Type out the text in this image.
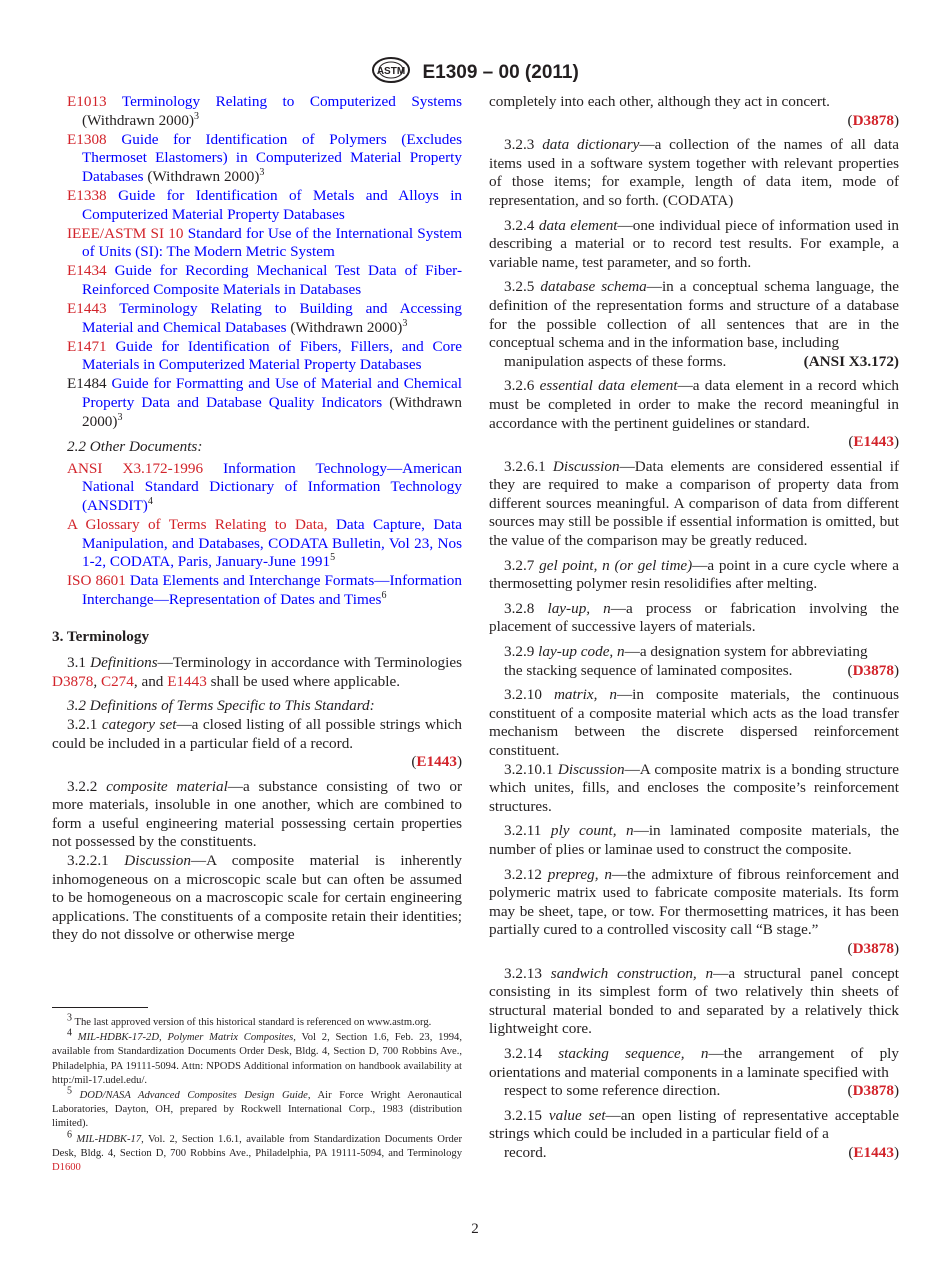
ASTM E1309 – 00 (2011)
E1013 Terminology Relating to Computerized Systems (Withdrawn 2000)$^3$
E1308 Guide for Identification of Polymers (Excludes Thermoset Elastomers) in Computerized Material Property Databases (Withdrawn 2000)$^3$
E1338 Guide for Identification of Metals and Alloys in Computerized Material Property Databases
IEEE/ASTM SI 10 Standard for Use of the International System of Units (SI): The Modern Metric System
E1434 Guide for Recording Mechanical Test Data of Fiber-Reinforced Composite Materials in Databases
E1443 Terminology Relating to Building and Accessing Material and Chemical Databases (Withdrawn 2000)$^3$
E1471 Guide for Identification of Fibers, Fillers, and Core Materials in Computerized Material Property Databases
E1484 Guide for Formatting and Use of Material and Chemical Property Data and Database Quality Indicators (Withdrawn 2000)$^3$
2.2 Other Documents:
ANSI X3.172-1996 Information Technology—American National Standard Dictionary of Information Technology (ANSDIT)$^4$
A Glossary of Terms Relating to Data, Data Capture, Data Manipulation, and Databases, CODATA Bulletin, Vol 23, Nos 1-2, CODATA, Paris, January-June 1991$^5$
ISO 8601 Data Elements and Interchange Formats—Information Interchange—Representation of Dates and Times$^6$
3. Terminology
3.1 Definitions—Terminology in accordance with Terminologies D3878, C274, and E1443 shall be used where applicable.
3.2 Definitions of Terms Specific to This Standard:
3.2.1 category set—a closed listing of all possible strings which could be included in a particular field of a record.
(E1443)
3.2.2 composite material—a substance consisting of two or more materials, insoluble in one another, which are combined to form a useful engineering material possessing certain properties not possessed by the constituents.
3.2.2.1 Discussion—A composite material is inherently inhomogeneous on a microscopic scale but can often be assumed to be homogeneous on a macroscopic scale for certain engineering applications. The constituents of a composite retain their identities; they do not dissolve or otherwise merge
$^3$ The last approved version of this historical standard is referenced on www.astm.org.
$^4$ MIL-HDBK-17-2D, Polymer Matrix Composites, Vol 2, Section 1.6, Feb. 23, 1994, available from Standardization Documents Order Desk, Bldg. 4, Section D, 700 Robbins Ave., Philadelphia, PA 19111-5094. Attn: NPODS Additional information on handbook availability at http:/mil-17.udel.edu/.
$^5$ DOD/NASA Advanced Composites Design Guide, Air Force Wright Aeronautical Laboratories, Dayton, OH, prepared by Rockwell International Corp., 1983 (distribution limited).
$^6$ MIL-HDBK-17, Vol. 2, Section 1.6.1, available from Standardization Documents Order Desk, Bldg. 4, Section D, 700 Robbins Ave., Philadelphia, PA 19111-5094, and Terminology D1600
completely into each other, although they act in concert.
(D3878)
3.2.3 data dictionary—a collection of the names of all data items used in a software system together with relevant properties of those items; for example, length of data item, mode of representation, and so forth. (CODATA)
3.2.4 data element—one individual piece of information used in describing a material or to record test results. For example, a variable name, test parameter, and so forth.
3.2.5 database schema—in a conceptual schema language, the definition of the representation forms and structure of a database for the possible collection of all sentences that are in the conceptual schema and in the information base, including
manipulation aspects of these forms.	(ANSI X3.172)
3.2.6 essential data element—a data element in a record which must be completed in order to make the record meaningful in accordance with the pertinent guidelines or standard.
(E1443)
3.2.6.1 Discussion—Data elements are considered essential if they are required to make a comparison of property data from different sources meaningful. A comparison of data from different sources may still be possible if essential information is omitted, but the value of the comparison may be greatly reduced.
3.2.7 gel point, n (or gel time)—a point in a cure cycle where a thermosetting polymer resin resolidifies after melting.
3.2.8 lay-up, n—a process or fabrication involving the placement of successive layers of materials.
3.2.9 lay-up code, n—a designation system for abbreviating
the stacking sequence of laminated composites.	(D3878)
3.2.10 matrix, n—in composite materials, the continuous constituent of a composite material which acts as the load transfer mechanism between the discrete dispersed reinforcement constituent.
3.2.10.1 Discussion—A composite matrix is a bonding structure which unites, fills, and encloses the composite’s reinforcement structures.
3.2.11 ply count, n—in laminated composite materials, the number of plies or laminae used to construct the composite.
3.2.12 prepreg, n—the admixture of fibrous reinforcement and polymeric matrix used to fabricate composite materials. Its form may be sheet, tape, or tow. For thermosetting matrices, it has been partially cured to a controlled viscosity call “B stage.”
(D3878)
3.2.13 sandwich construction, n—a structural panel concept consisting in its simplest form of two relatively thin sheets of structural material bonded to and separated by a relatively thick lightweight core.
3.2.14 stacking sequence, n—the arrangement of ply orientations and material components in a laminate specified with
respect to some reference direction.	(D3878)
3.2.15 value set—an open listing of representative acceptable strings which could be included in a particular field of a
record.	(E1443)
2
